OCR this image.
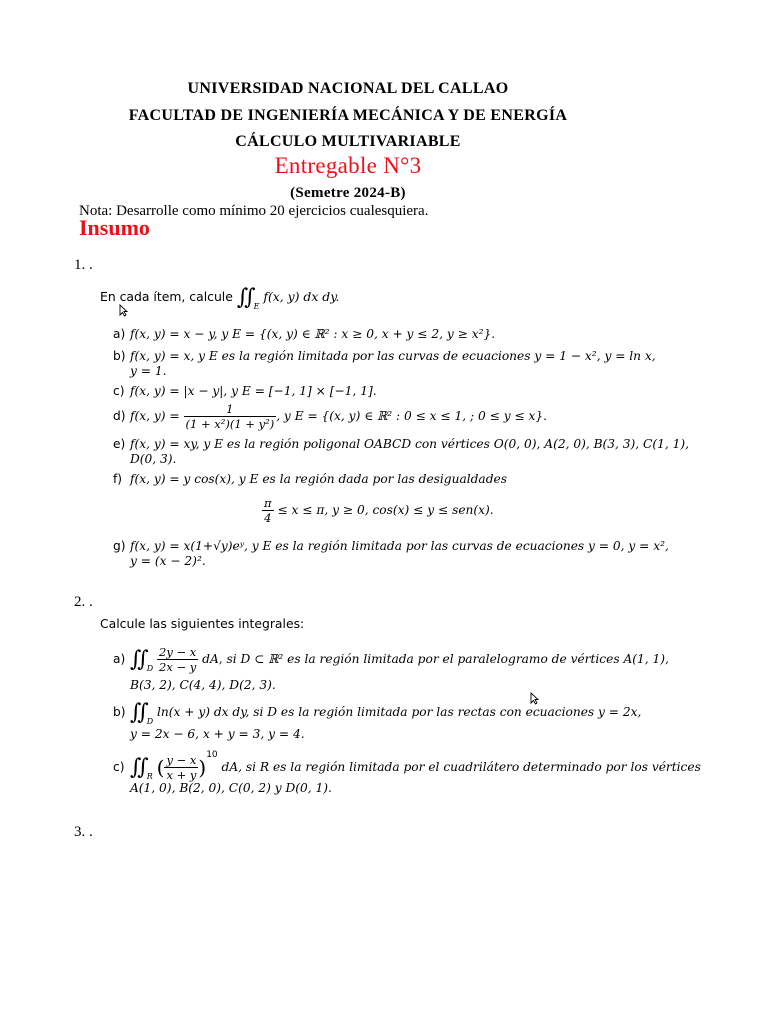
UNIVERSIDAD NACIONAL DEL CALLAO
FACULTAD DE INGENIERÍA MECÁNICA Y DE ENERGÍA
CÁLCULO MULTIVARIABLE
Entregable N°3
(Semetre 2024-B)
Nota: Desarrolle como mínimo 20 ejercicios cualesquiera.
Insumo
1. .
En cada ítem, calcule ∬ $_E$ f(x, y) dx dy.
a) f(x, y) = x − y, y E = {(x, y) ∈ ℝ² : x ≥ 0, x + y ≤ 2, y ≥ x²}.
b) f(x, y) = x, y E es la región limitada por las curvas de ecuaciones y = 1 − x², y = ln x,
y = 1.
c) f(x, y) = |x − y|, y E = [−1, 1] × [−1, 1].
d) f(x, $y) = \frac{1}{\text{(1 + x²)(1 + y²)}}$ , y E = {(x, y) ∈ ℝ² : 0 ≤ x ≤ 1, ; 0 ≤ y ≤ x}.
e) f(x, y) = xy, y E es la región poligonal OABCD con vértices O(0, 0), A(2, 0), B(3, 3), C(1, 1),
D(0, 3).
f) f(x, y) = y cos(x), y E es la región dada por las desigualdades
$\frac{\pi}{4} \le x \le \pi$, y ≥ 0, cos(x) ≤ y ≤ sen(x).
g) f(x, y) = x(1+√y)eʸ, y E es la región limitada por las curvas de ecuaciones y = 0, y = x²,
y = (x − 2)².
2. .
Calcule las siguientes integrales:
a) ∬ $_D \frac{2y - x}{2x - y}$ dA, si D ⊂ ℝ² es la región limitada por el paralelogramo de vértices A(1, 1),
B(3, 2), C(4, 4), D(2, 3).
b) ∬ $_D$ ln(x + y) dx dy, si D es la región limitada por las rectas con ecuaciones y = 2x,
y = 2x − 6, x + y = 3, y = 4.
c) ∬ $_R$ ( $\frac{y - x}{x + y} )^{10}$ dA, si R es la región limitada por el cuadrilátero determinado por los vértices
A(1, 0), B(2, 0), C(0, 2) y D(0, 1).
3. .
